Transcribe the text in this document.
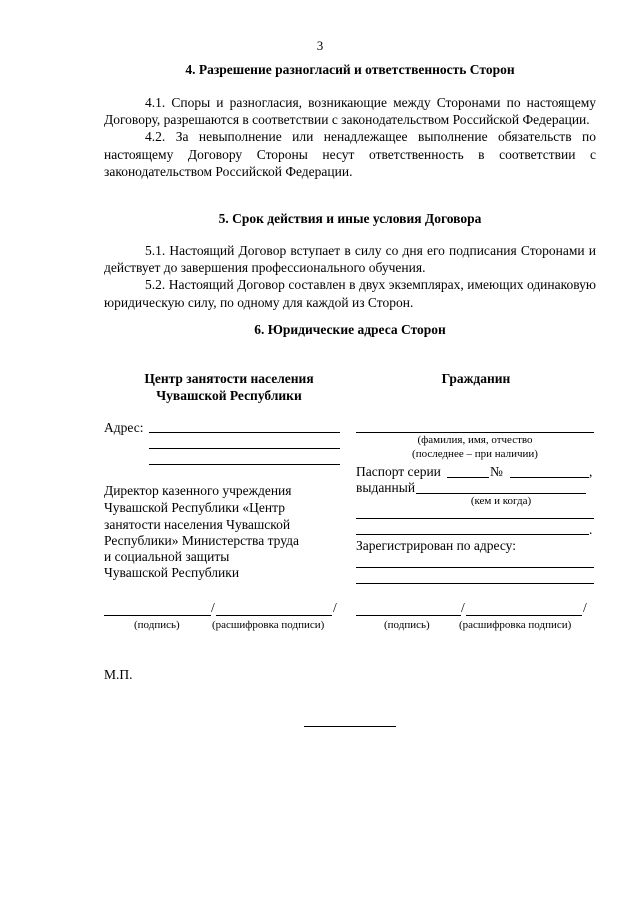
3
4. Разрешение разногласий и ответственность Сторон

4.1. Споры и разногласия, возникающие между Сторонами по настоящему Договору, разрешаются в соответствии с законодательством Российской Федерации.

4.2. За невыполнение или ненадлежащее выполнение обязательств по настоящему Договору Стороны несут ответственность в соответствии с законодательством Российской Федерации.

5. Срок действия и иные условия Договора

5.1. Настоящий Договор вступает в силу со дня его подписания Сторонами и действует до завершения профессионального обучения.

5.2. Настоящий Договор составлен в двух экземплярах, имеющих одинаковую юридическую силу, по одному для каждой из Сторон.

6. Юридические адреса Сторон
Центр занятости населения
Чувашской Республики
Адрес:
Директор казенного учреждения
Чувашской Республики «Центр
занятости населения Чувашской
Республики» Министерства труда
и социальной защиты
Чувашской Республики
/	/
(подпись)	(расшифровка подписи)
Гражданин
(фамилия, имя, отчество
(последнее – при наличии)
Паспорт серии	№	,
выданный
(кем и когда)
.
Зарегистрирован по адресу:
/	/
(подпись)	(расшифровка подписи)
М.П.
